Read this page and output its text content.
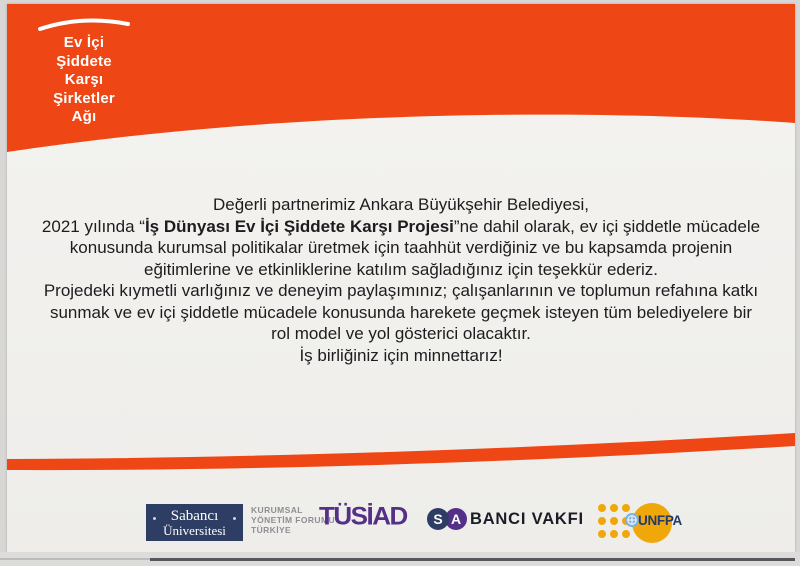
Ev İçi
Şiddete
Karşı
Şirketler
Ağı

Değerli partnerimiz Ankara Büyükşehir Belediyesi,

2021 yılında “İş Dünyası Ev İçi Şiddete Karşı Projesi”ne dahil olarak, ev içi şiddetle mücadele konusunda kurumsal politikalar üretmek için taahhüt verdiğiniz ve bu kapsamda projenin eğitimlerine ve etkinliklerine katılım sağladığınız için teşekkür ederiz.

Projedeki kıymetli varlığınız ve deneyim paylaşımınız; çalışanlarının ve toplumun refahına katkı sunmak ve ev içi şiddetle mücadele konusunda harekete geçmek isteyen tüm belediyelere bir rol model ve yol gösterici olacaktır.

İş birliğiniz için minnettarız!

Sabancı
Üniversitesi
KURUMSAL
YÖNETİM FORUMU
TÜRKİYE	TÜSİAD	S A BANCI VAKFI	UNFPA
